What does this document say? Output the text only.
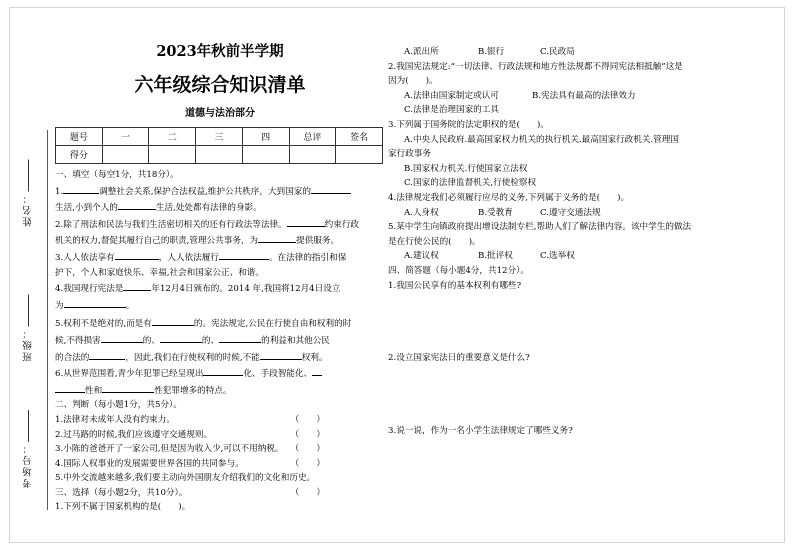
姓名：
班级：
考场号：
2023年秋前半学期
六年级综合知识清单
道德与法治部分
题号	一	二	三	四	总评	签名
得分						

一、填空（每空1分，共18分）。

1.	调整社会关系,保护合法权益,维护公共秩序，大到国家的

生活,小到个人的	生活,处处都有法律的身影。

2.除了刑法和民法与我们生活密切相关的还有行政法等法律。	约束行政

机关的权力,督促其履行自己的职责,管理公共事务，为	提供服务。

3.人人依法享有	，人人依法履行	。在法律的指引和保

护下，个人和家庭快乐、幸福,社会和国家公正、和谐。

4.我国现行宪法是	年12月4日颁布的。2014 年,我国将12月4日设立

为	。

5.权利不是绝对的,而是有	的。宪法规定,公民在行使自由和权利的时

候,不得损害	的、	的、	的利益和其他公民

的合法的	，因此,我们在行使权利的时候,不能	权利。

6.从世界范围看,青少年犯罪已经呈现出	化、手段智能化、

性和	性犯罪增多的特点。

二、判断（每小题1分，共5分）。

1.法律对未成年人没有约束力。	（　　）

2.过马路的时候,我们应该遵守交通规则。	（　　）

3.小陈的爸爸开了一家公司,但是因为收入少,可以不用纳税。 （　　）

4.国际人权事业的发展需要世界各国的共同参与。	（　　）

5.中外交流越来越多,我们要主动向外国朋友介绍我们的文化和历史。
（　　）

三、选择（每小题2分，共10分）。

1.下列不属于国家机构的是(　　)。

A.派出所	B.银行	C.民政局

2.我国宪法规定:“一切法律、行政法规和地方性法规都不得同宪法相抵触”这是

因为(　　)。

A.法律由国家制定或认可	B.宪法具有最高的法律效力

C.法律是治理国家的工具

3.下列属于国务院的法定职权的是(　　)。

A.中央人民政府.最高国家权力机关的执行机关.最高国家行政机关.管理国

家行政事务

B.国家权力机关.行使国家立法权

C.国家的法律监督机关,行使检察权

4.法律规定我们必须履行应尽的义务,下列属于义务的是(　　)。

A.人身权	B.受教育	C.遵守交通法规

5.某中学生向镇政府提出增设法制专栏,帮助人们了解法律内容。该中学生的做法

是在行使公民的(　　)。

A.建议权	B.批评权	C.选举权

四、简答题（每小题4分，共12分）。

1.我国公民享有的基本权利有哪些?

2.设立国家宪法日的重要意义是什么?

3.说一说，作为一名小学生法律规定了哪些义务?
